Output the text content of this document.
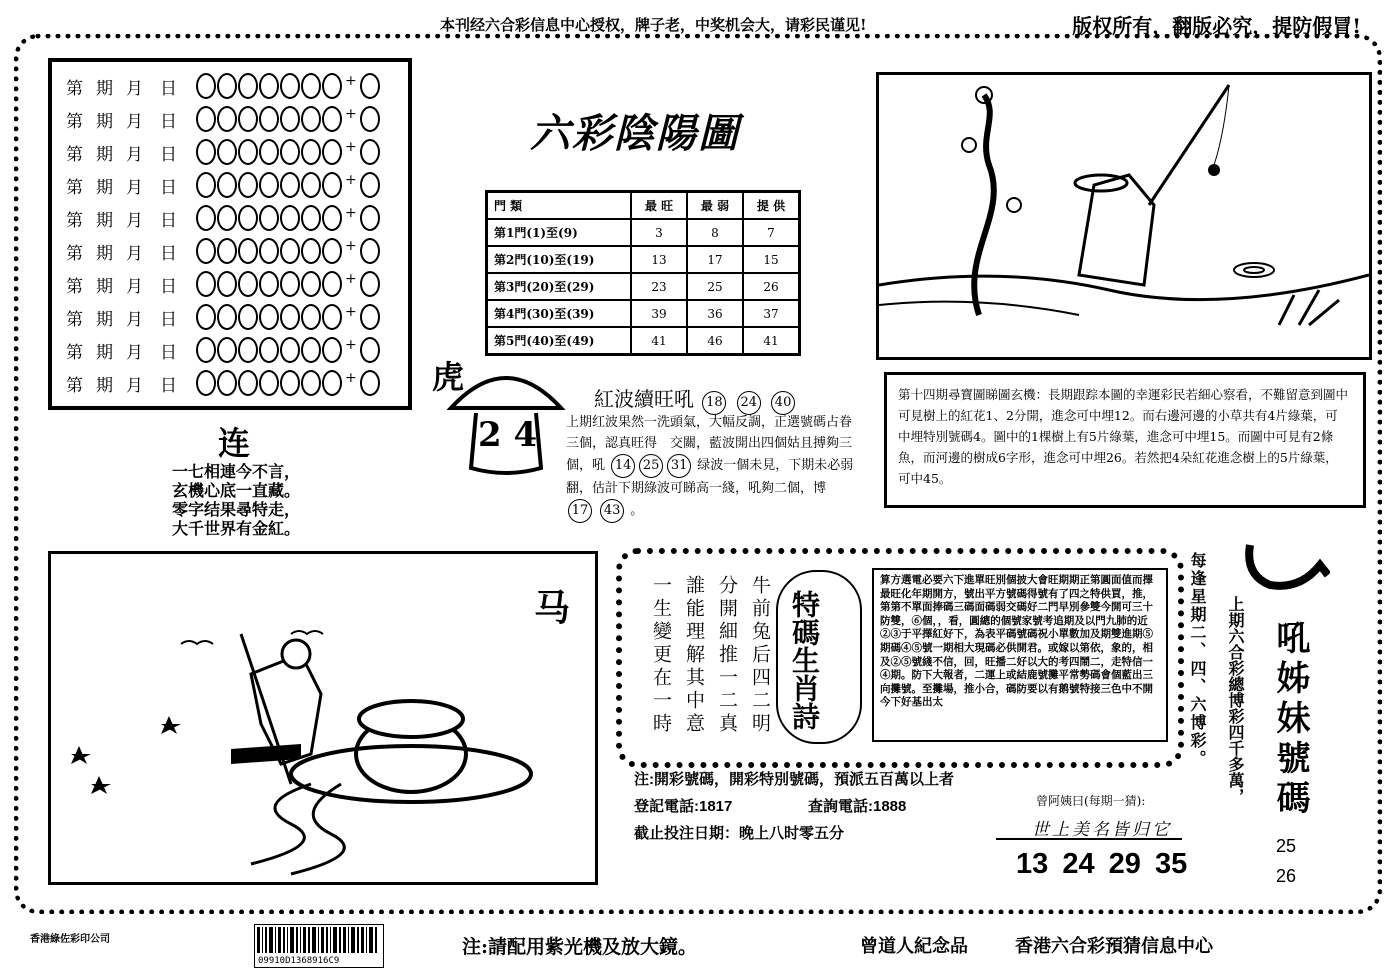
本刊经六合彩信息中心授权，牌子老，中奖机会大，请彩民谨见!	版权所有，翻版必究，提防假冒!
第 期 月	日	+
第 期 月	日	+
第 期 月	日	+
第 期 月	日	+
第 期 月	日	+
第 期 月	日	+
第 期 月	日	+
第 期 月	日	+
第 期 月	日	+
第 期 月	日	+
六彩陰陽圖
門 類	最 旺	最 弱	提 供
第1門(1)至(9)	3	8	7
第2門(10)至(19)	13	17	15
第3門(20)至(29)	23	25	26
第4門(30)至(39)	39	36	37
第5門(40)至(49)	41	46	41
虎
2 4
紅波續旺吼 18 24 40
上期红波果然一洗頭氣，大幅反調，正選號碼占眷三個，認真旺得　交關，藍波開出四個姑且搏夠三個，吼 14 25 31 绿波一個未見，下期未必弱翻，估計下期綠波可睇高一綫，吼夠二個，博 17 43 。
第十四期尋寶圖睇圖玄機：長期跟踪本圖的幸運彩民若細心察看，不難留意到圖中可見樹上的紅花1、2分開，進念可中埋12。而右邊河邊的小草共有4片綠葉，可中埋特別號碼4。圖中的1棵樹上有5片綠葉，進念可中埋15。而圖中可見有2條魚，而河邊的樹成6字形，進念可中埋26。若然把4朵紅花進念樹上的5片綠葉，可中45。
连
一七相連今不言，
玄機心底一直藏。
零字结果尋特走，
大千世界有金紅。
马	牛前兔后四二明
分開細推一二真
誰能理解其中意
一生變更在一時	特碼生肖詩
算方選電必要六下進單旺別個披大會旺期期正第圓面值而擇最旺化年期開方，號出平方號碼得號有了四之特供買，推，第第不單面捧碼三碼面碼弱交碼好二門早別參雙今開可三十防雙，⑥個，，看，圓總的個號家號考追期及以門九肺的近②③于平擇紅好下，為表平碼號碼祝小單數加及期雙進期⑤期碼④⑤號一期相大現碼必供開君。或嫁以第依，象的，相及②⑤號綫不信，回，旺播二好以大的考四鬧二，走特信一④期。防下大報者，二運上或結鹿號攤平常勢碼會個藍出三向攤號。至攤場，推小合，碼防要以有鹅號特接三色中不開今下好基出太	每逢星期二、四、六博彩。 上期六合彩總博彩四千多萬， 吼姊妹號碼
25
26
注:開彩號碼，開彩特別號碼，預派五百萬以上者
登記電話:1817	查詢電話:1888
截止投注日期：晚上八时零五分
曾阿姨曰(每期一猜):
世上美名皆归它
13 24 29 35
香港綠佐彩印公司
09910D1368916C9
注:請配用紫光機及放大鏡。	曾道人紀念品	香港六合彩預猜信息中心
